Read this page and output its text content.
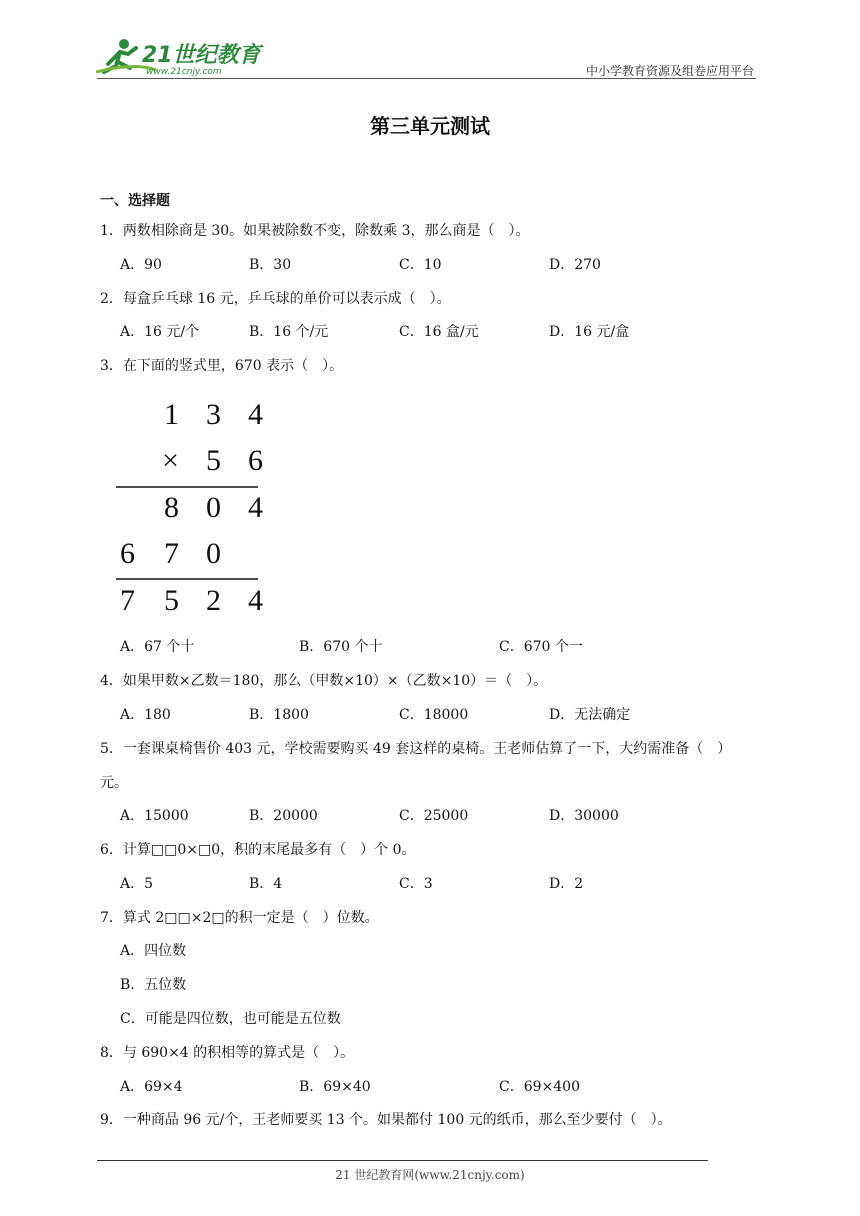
21世纪教育
www.21cnjy.com	中小学教育资源及组卷应用平台
第三单元测试
一、选择题
1．两数相除商是 30。如果被除数不变，除数乘 3，那么商是（　）。
A．90	B．30	C．10	D．270
2．每盒乒乓球 16 元，乒乓球的单价可以表示成（　）。
A．16 元/个	B．16 个/元	C．16 盒/元	D．16 元/盒
3．在下面的竖式里，670 表示（　）。
1 3 4
× 5 6
8 0 4
6 7 0
7 5 2 4
A．67 个十	B．670 个十	C．670 个一
4．如果甲数×乙数＝180，那么（甲数×10）×（乙数×10）＝（　）。
A．180	B．1800	C．18000	D．无法确定
5．一套课桌椅售价 403 元，学校需要购买 49 套这样的桌椅。王老师估算了一下，大约需准备（　）
元。
A．15000	B．20000	C．25000	D．30000
6．计算□□0×□0，积的末尾最多有（　）个 0。
A．5	B．4	C．3	D．2
7．算式 2□□×2□的积一定是（　）位数。
A．四位数
B．五位数
C．可能是四位数，也可能是五位数
8．与 690×4 的积相等的算式是（　）。
A．69×4	B．69×40	C．69×400
9．一种商品 96 元/个，王老师要买 13 个。如果都付 100 元的纸币，那么至少要付（　）。
21 世纪教育网(www.21cnjy.com)
